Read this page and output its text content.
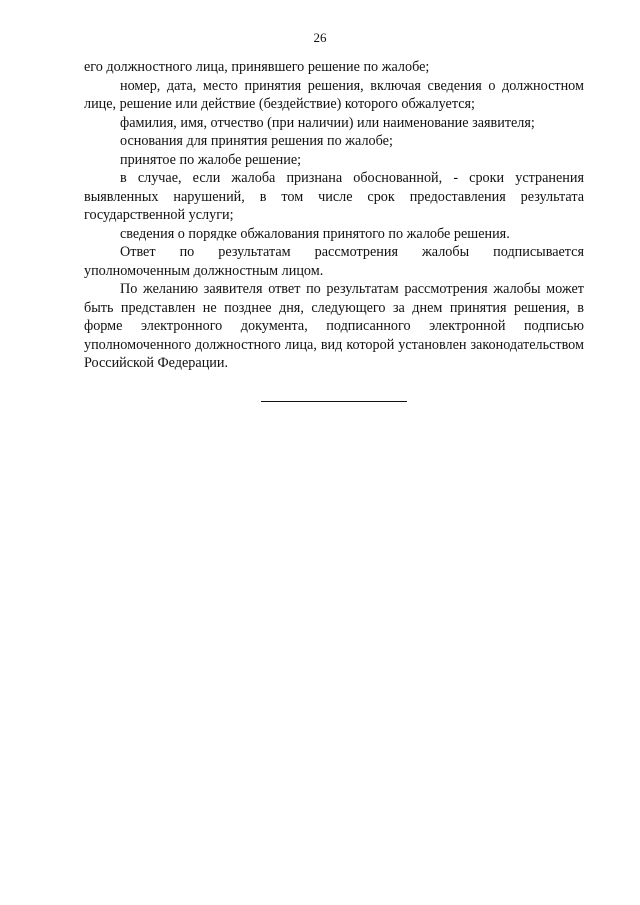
26

его должностного лица, принявшего решение по жалобе;

номер, дата, место принятия решения, включая сведения о должностном лице, решение или действие (бездействие) которого обжалуется;

фамилия, имя, отчество (при наличии) или наименование заявителя;

основания для принятия решения по жалобе;

принятое по жалобе решение;

в случае, если жалоба признана обоснованной, - сроки устранения выявленных нарушений, в том числе срок предоставления результата государственной услуги;

сведения о порядке обжалования принятого по жалобе решения.

Ответ по результатам рассмотрения жалобы подписывается уполномоченным должностным лицом.

По желанию заявителя ответ по результатам рассмотрения жалобы может быть представлен не позднее дня, следующего за днем принятия решения, в форме электронного документа, подписанного электронной подписью уполномоченного должностного лица, вид которой установлен законодательством Российской Федерации.
